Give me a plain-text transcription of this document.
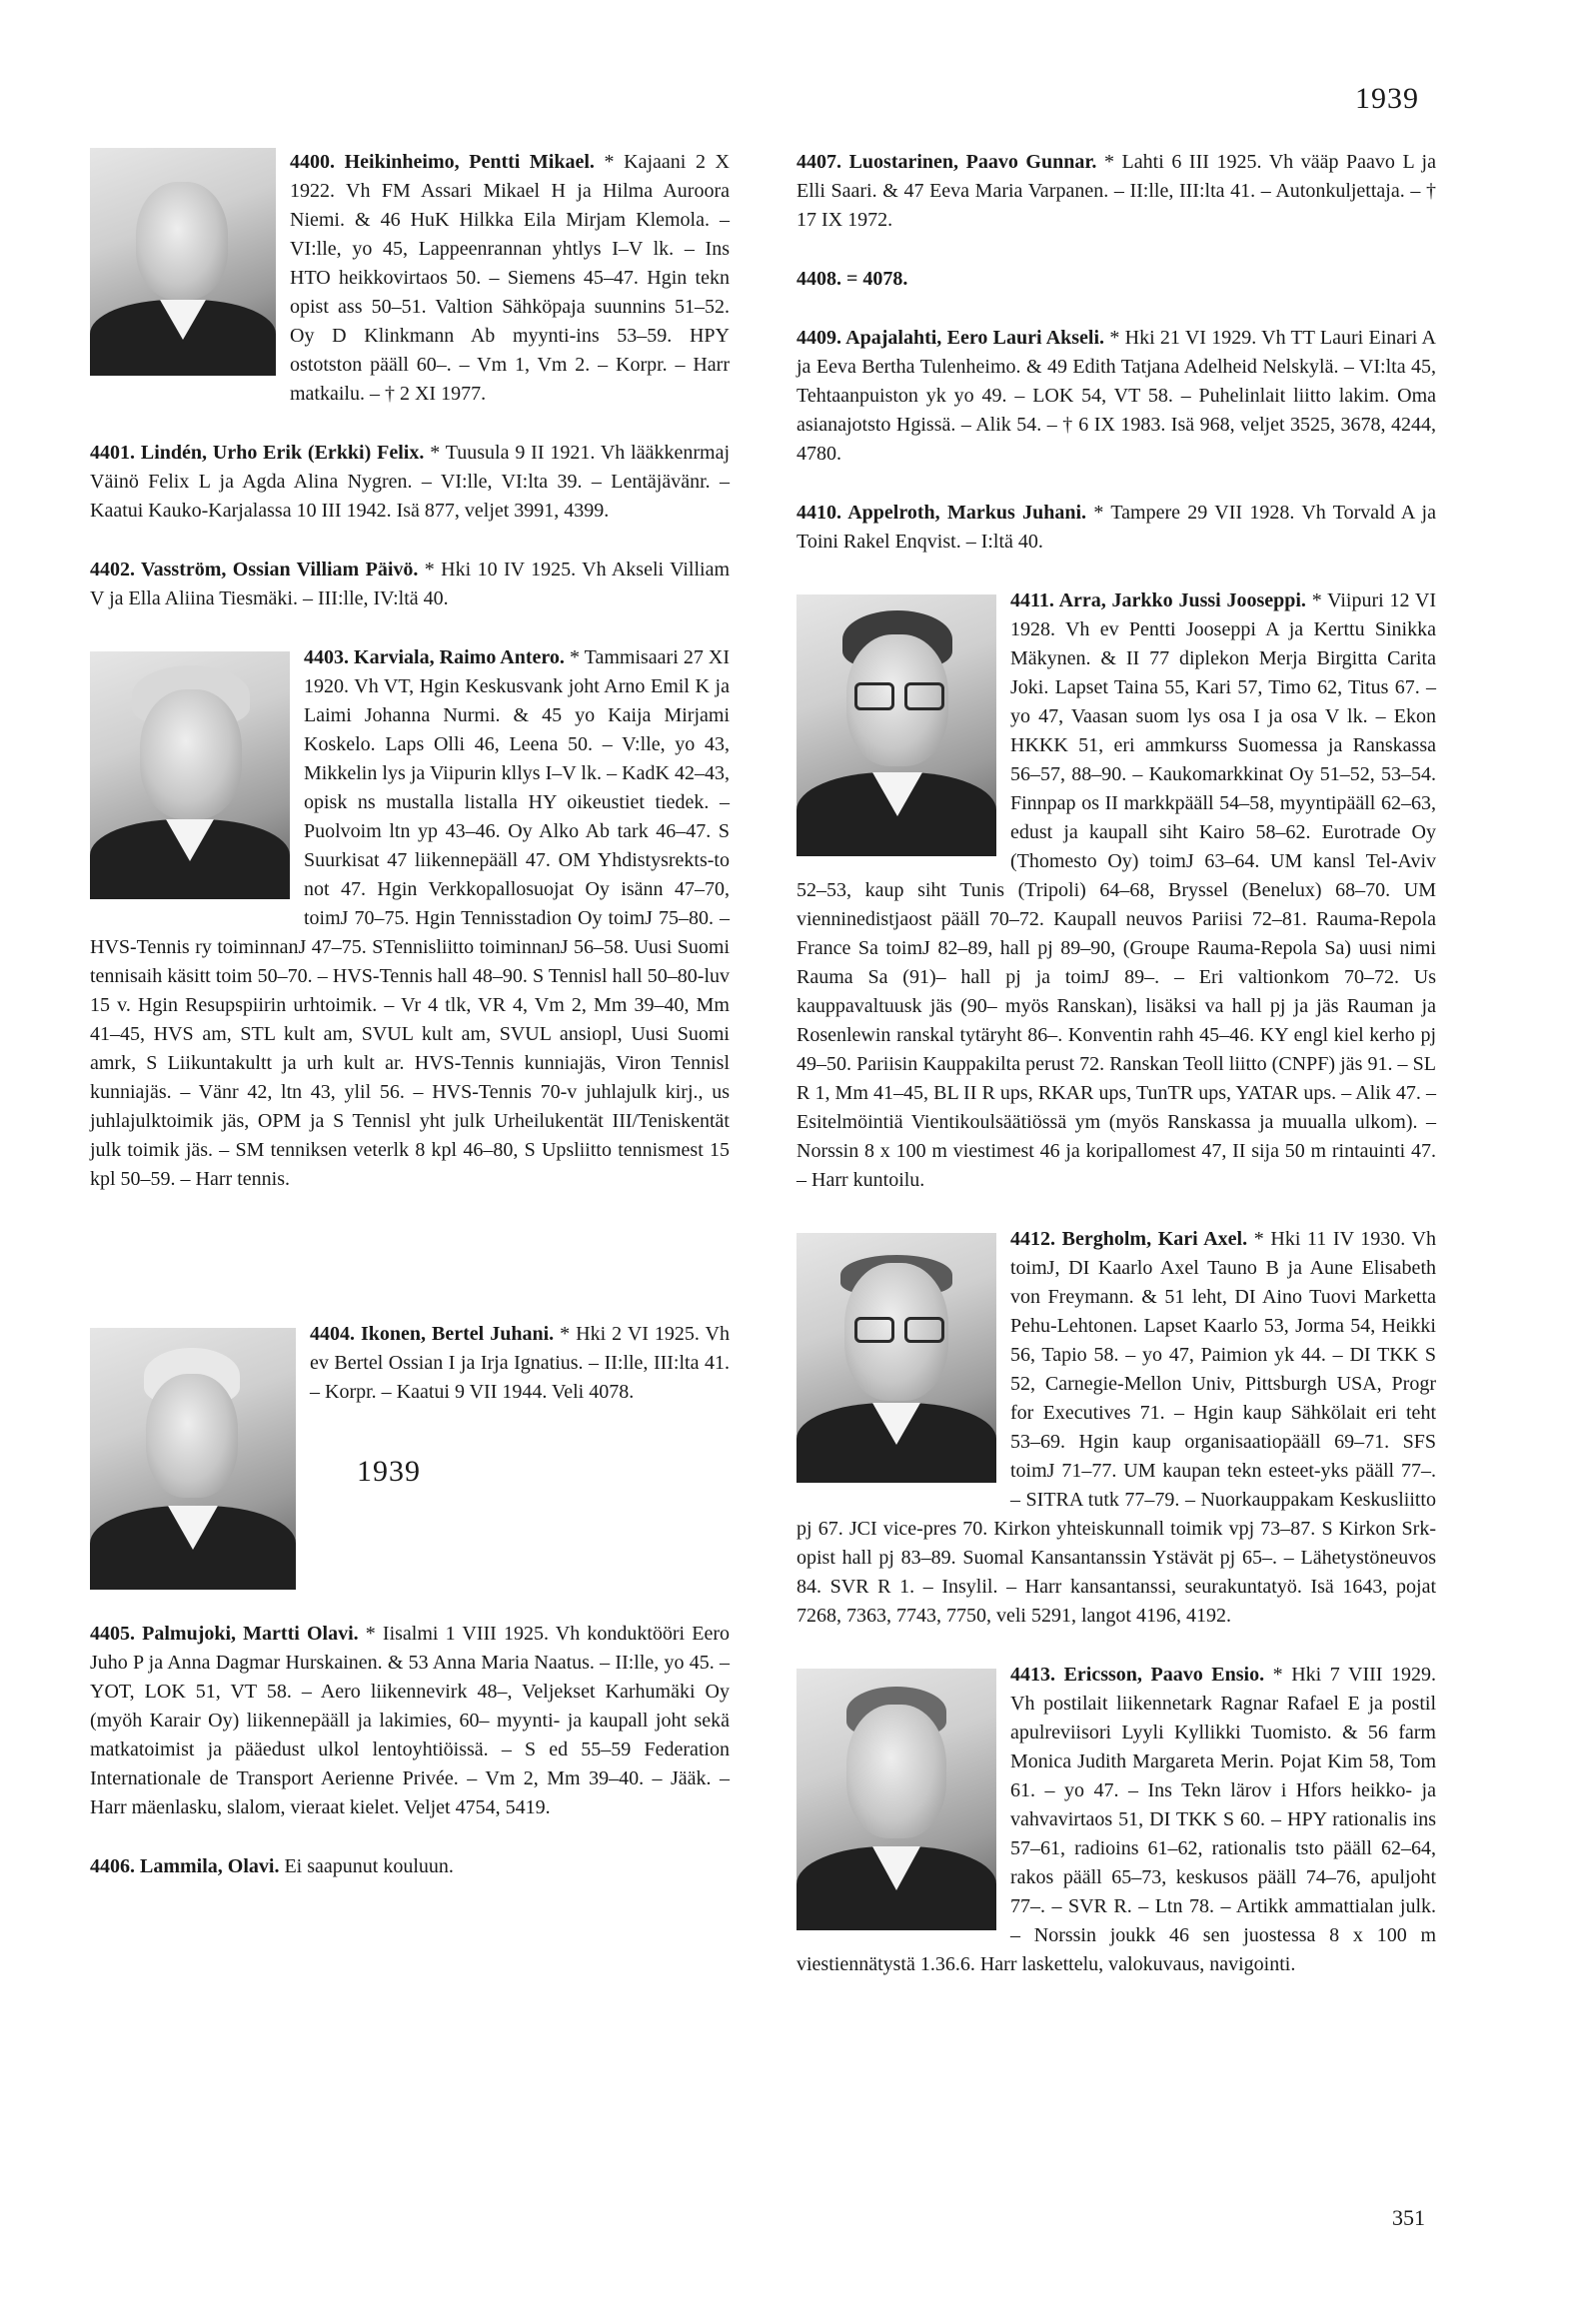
1939

4400. Heikinheimo, Pentti Mikael. * Kajaani 2 X 1922. Vh FM Assari Mikael H ja Hilma Auroora Niemi. & 46 HuK Hilkka Eila Mirjam Klemola. – VI:lle, yo 45, Lappeenrannan yhtlys I–V lk. – Ins HTO heikkovirtaos 50. – Siemens 45–47. Hgin tekn opist ass 50–51. Valtion Sähköpaja suunnins 51–52. Oy D Klinkmann Ab myynti-ins 53–59. HPY ostotston pääll 60–. – Vm 1, Vm 2. – Korpr. – Harr matkailu. – † 2 XI 1977.

4401. Lindén, Urho Erik (Erkki) Felix. * Tuusula 9 II 1921. Vh lääkkenrmaj Väinö Felix L ja Agda Alina Nygren. – VI:lle, VI:lta 39. – Lentäjävänr. – Kaatui Kauko-Karjalassa 10 III 1942. Isä 877, veljet 3991, 4399.

4402. Vasström, Ossian Villiam Päivö. * Hki 10 IV 1925. Vh Akseli Villiam V ja Ella Aliina Tiesmäki. – III:lle, IV:ltä 40.

4403. Karviala, Raimo Antero.
* Tammisaari 27 XI 1920. Vh VT, Hgin Keskusvank joht Arno Emil K ja Laimi Johanna Nurmi. & 45 yo Kaija Mirjami Koskelo. Laps Olli 46, Leena 50. – V:lle, yo 43, Mikkelin lys ja Viipurin kllys I–V lk. – KadK 42–43, opisk ns mustalla listalla HY oikeustiet tiedek. – Puolvoim ltn yp 43–46. Oy Alko Ab tark 46–47. S Suurkisat 47 liikennepääll 47. OM Yhdistysrekts-to not 47. Hgin Verkkopallosuojat Oy isänn 47–70, toimJ 70–75. Hgin Tennisstadion Oy toimJ 75–80. – HVS-Tennis ry toiminnanJ 47–75. STennisliitto toiminnanJ 56–58. Uusi Suomi tennisaih käsitt toim 50–70. – HVS-Tennis hall 48–90. S Tennisl hall 50–80-luv 15 v. Hgin Resupspiirin urhtoimik. – Vr 4 tlk, VR 4, Vm 2, Mm 39–40, Mm 41–45, HVS am, STL kult am, SVUL kult am, SVUL ansiopl, Uusi Suomi amrk, S Liikuntakultt ja urh kult ar. HVS-Tennis kunniajäs, Viron Tennisl kunniajäs. – Vänr 42, ltn 43, ylil 56. – HVS-Tennis 70-v juhlajulk kirj., us juhlajulktoimik jäs, OPM ja S Tennisl yht julk Urheilukentät III/Teniskentät julk toimik jäs. – SM tenniksen veterlk 8 kpl 46–80, S Upsliitto tennismest 15 kpl 50–59. – Harr tennis.

4404. Ikonen, Bertel Juhani.
* Hki 2 VI 1925. Vh ev Bertel Ossian I ja Irja Ignatius. – II:lle, III:lta 41. – Korpr. – Kaatui 9 VII 1944. Veli 4078.

4405. Palmujoki, Martti Olavi. * Iisalmi 1 VIII 1925. Vh konduktööri Eero Juho P ja Anna Dagmar Hurskainen. & 53 Anna Maria Naatus. – II:lle, yo 45. – YOT, LOK 51, VT 58. – Aero liikennevirk 48–, Veljekset Karhumäki Oy (myöh Karair Oy) liikennepääll ja lakimies, 60– myynti- ja kaupall joht sekä matkatoimist ja pääedust ulkol lentoyhtiöissä. – S ed 55–59 Federation Internationale de Transport Aerienne Privée. – Vm 2, Mm 39–40. – Jääk. – Harr mäenlasku, slalom, vieraat kielet. Veljet 4754, 5419.

4406. Lammila, Olavi. Ei saapunut kouluun.

1939

4407. Luostarinen, Paavo Gunnar. * Lahti 6 III 1925. Vh vääp Paavo L ja Elli Saari. & 47 Eeva Maria Varpanen. – II:lle, III:lta 41. – Autonkuljettaja. – † 17 IX 1972.

4408. = 4078.

4409. Apajalahti, Eero Lauri Akseli. * Hki 21 VI 1929. Vh TT Lauri Einari A ja Eeva Bertha Tulenheimo. & 49 Edith Tatjana Adelheid Nelskylä. – VI:lta 45, Tehtaanpuiston yk yo 49. – LOK 54, VT 58. – Puhelinlait liitto lakim. Oma asianajotsto Hgissä. – Alik 54. – † 6 IX 1983. Isä 968, veljet 3525, 3678, 4244, 4780.

4410. Appelroth, Markus Juhani. * Tampere 29 VII 1928. Vh Torvald A ja Toini Rakel Enqvist. – I:ltä 40.

4411. Arra, Jarkko Jussi Jooseppi.
* Viipuri 12 VI 1928. Vh ev Pentti Jooseppi A ja Kerttu Sinikka Mäkynen. & II 77 diplekon Merja Birgitta Carita Joki. Lapset Taina 55, Kari 57, Timo 62, Titus 67. – yo 47, Vaasan suom lys osa I ja osa V lk. – Ekon HKKK 51, eri ammkurss Suomessa ja Ranskassa 56–57, 88–90. – Kaukomarkkinat Oy 51–52, 53–54. Finnpap os II markkpääll 54–58, myyntipääll 62–63, edust ja kaupall siht Kairo 58–62. Eurotrade Oy (Thomesto Oy) toimJ 63–64. UM kansl Tel-Aviv 52–53, kaup siht Tunis (Tripoli) 64–68, Bryssel (Benelux) 68–70. UM vienninedistjaost pääll 70–72. Kaupall neuvos Pariisi 72–81. Rauma-Repola France Sa toimJ 82–89, hall pj 89–90, (Groupe Rauma-Repola Sa) uusi nimi Rauma Sa (91)– hall pj ja toimJ 89–. – Eri valtionkom 70–72. Us kauppavaltuusk jäs (90– myös Ranskan), lisäksi va hall pj ja jäs Rauman ja Rosenlewin ranskal tytäryht 86–. Konventin rahh 45–46. KY engl kiel kerho pj 49–50. Pariisin Kauppakilta perust 72. Ranskan Teoll liitto (CNPF) jäs 91. – SL R 1, Mm 41–45, BL II R ups, RKAR ups, TunTR ups, YATAR ups. – Alik 47. – Esitelmöintiä Vientikoulsäätiössä ym (myös Ranskassa ja muualla ulkom). – Norssin 8 x 100 m viestimest 46 ja koripallomest 47, II sija 50 m rintauinti 47. – Harr kuntoilu.

4412. Bergholm, Kari Axel.
* Hki 11 IV 1930. Vh toimJ, DI Kaarlo Axel Tauno B ja Aune Elisabeth von Freymann. & 51 leht, DI Aino Tuovi Marketta Pehu-Lehtonen. Lapset Kaarlo 53, Jorma 54, Heikki 56, Tapio 58. – yo 47, Paimion yk 44. – DI TKK S 52, Carnegie-Mellon Univ, Pittsburgh USA, Progr for Executives 71. – Hgin kaup Sähkölait eri teht 53–69. Hgin kaup organisaatiopääll 69–71. SFS toimJ 71–77. UM kaupan tekn esteet-yks pääll 77–. – SITRA tutk 77–79. – Nuorkauppakam Keskusliitto pj 67. JCI vice-pres 70. Kirkon yhteiskunnall toimik vpj 73–87. S Kirkon Srk-opist hall pj 83–89. Suomal Kansantanssin Ystävät pj 65–. – Lähetystöneuvos 84. SVR R 1. – Insylil. – Harr kansantanssi, seurakuntatyö. Isä 1643, pojat 7268, 7363, 7743, 7750, veli 5291, langot 4196, 4192.

4413. Ericsson, Paavo Ensio.
* Hki 7 VIII 1929. Vh postilait liikennetark Ragnar Rafael E ja postil apulreviisori Lyyli Kyllikki Tuomisto. & 56 farm Monica Judith Margareta Merin. Pojat Kim 58, Tom 61. – yo 47. – Ins Tekn lärov i Hfors heikko- ja vahvavirtaos 51, DI TKK S 60. – HPY rationalis ins 57–61, radioins 61–62, rationalis tsto pääll 62–64, rakos pääll 65–73, keskusos pääll 74–76, apuljoht 77–. – SVR R. – Ltn 78. – Artikk ammattialan julk. – Norssin joukk 46 sen juostessa 8 x 100 m viestiennätystä 1.36.6. Harr laskettelu, valokuvaus, navigointi.

351
